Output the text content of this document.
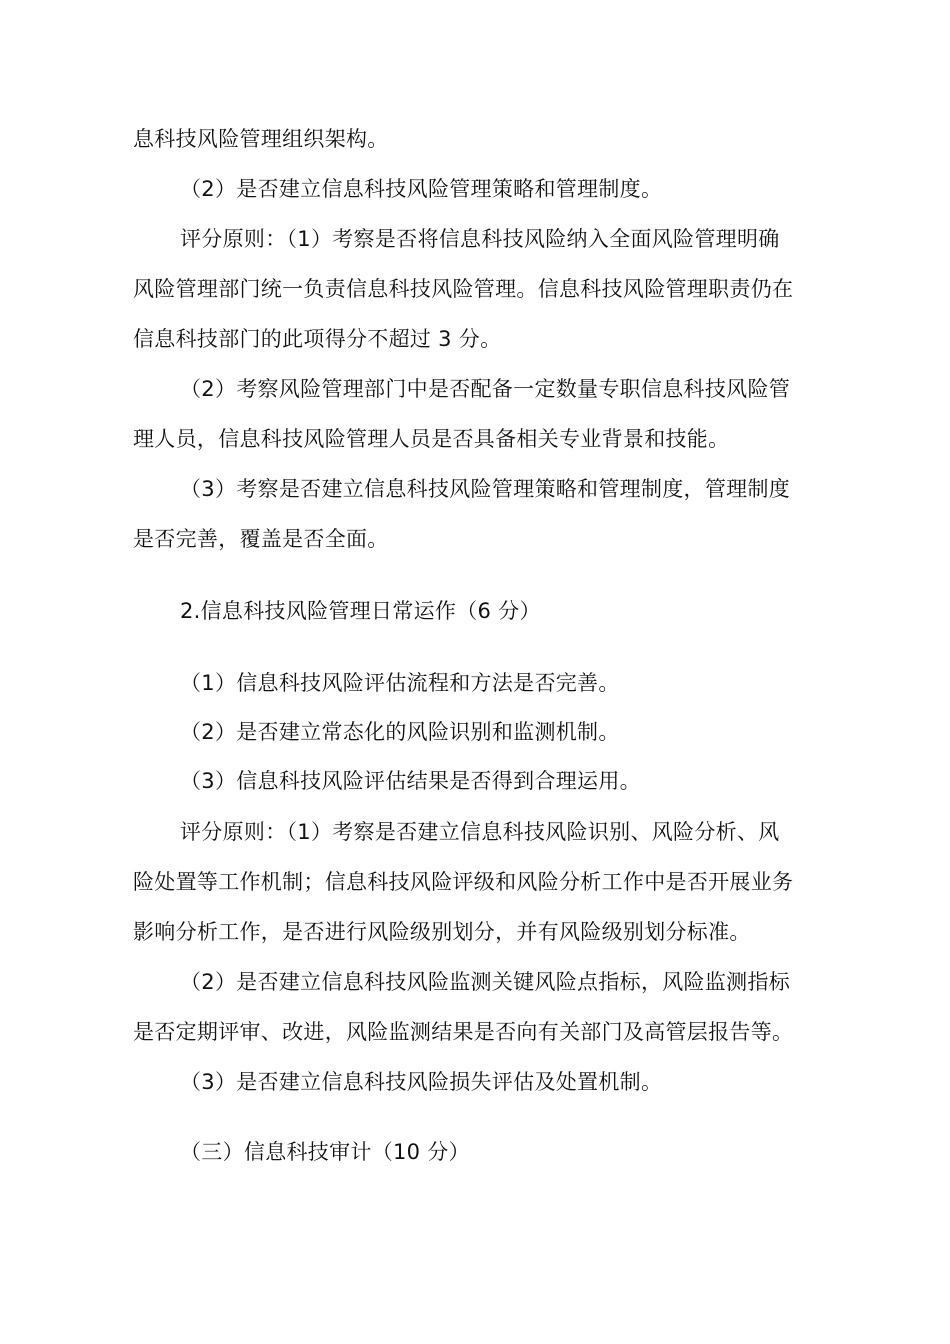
息科技风险管理组织架构。
（2）是否建立信息科技风险管理策略和管理制度。
评分原则：（1）考察是否将信息科技风险纳入全面风险管理明确
风险管理部门统一负责信息科技风险管理。信息科技风险管理职责仍在
信息科技部门的此项得分不超过 3 分。
（2）考察风险管理部门中是否配备一定数量专职信息科技风险管
理人员，信息科技风险管理人员是否具备相关专业背景和技能。
（3）考察是否建立信息科技风险管理策略和管理制度，管理制度
是否完善，覆盖是否全面。
2.信息科技风险管理日常运作（6 分）
（1）信息科技风险评估流程和方法是否完善。
（2）是否建立常态化的风险识别和监测机制。
（3）信息科技风险评估结果是否得到合理运用。
评分原则：（1）考察是否建立信息科技风险识别、风险分析、风
险处置等工作机制；信息科技风险评级和风险分析工作中是否开展业务
影响分析工作，是否进行风险级别划分，并有风险级别划分标准。
（2）是否建立信息科技风险监测关键风险点指标，风险监测指标
是否定期评审、改进，风险监测结果是否向有关部门及高管层报告等。
（3）是否建立信息科技风险损失评估及处置机制。
（三）信息科技审计（10 分）
